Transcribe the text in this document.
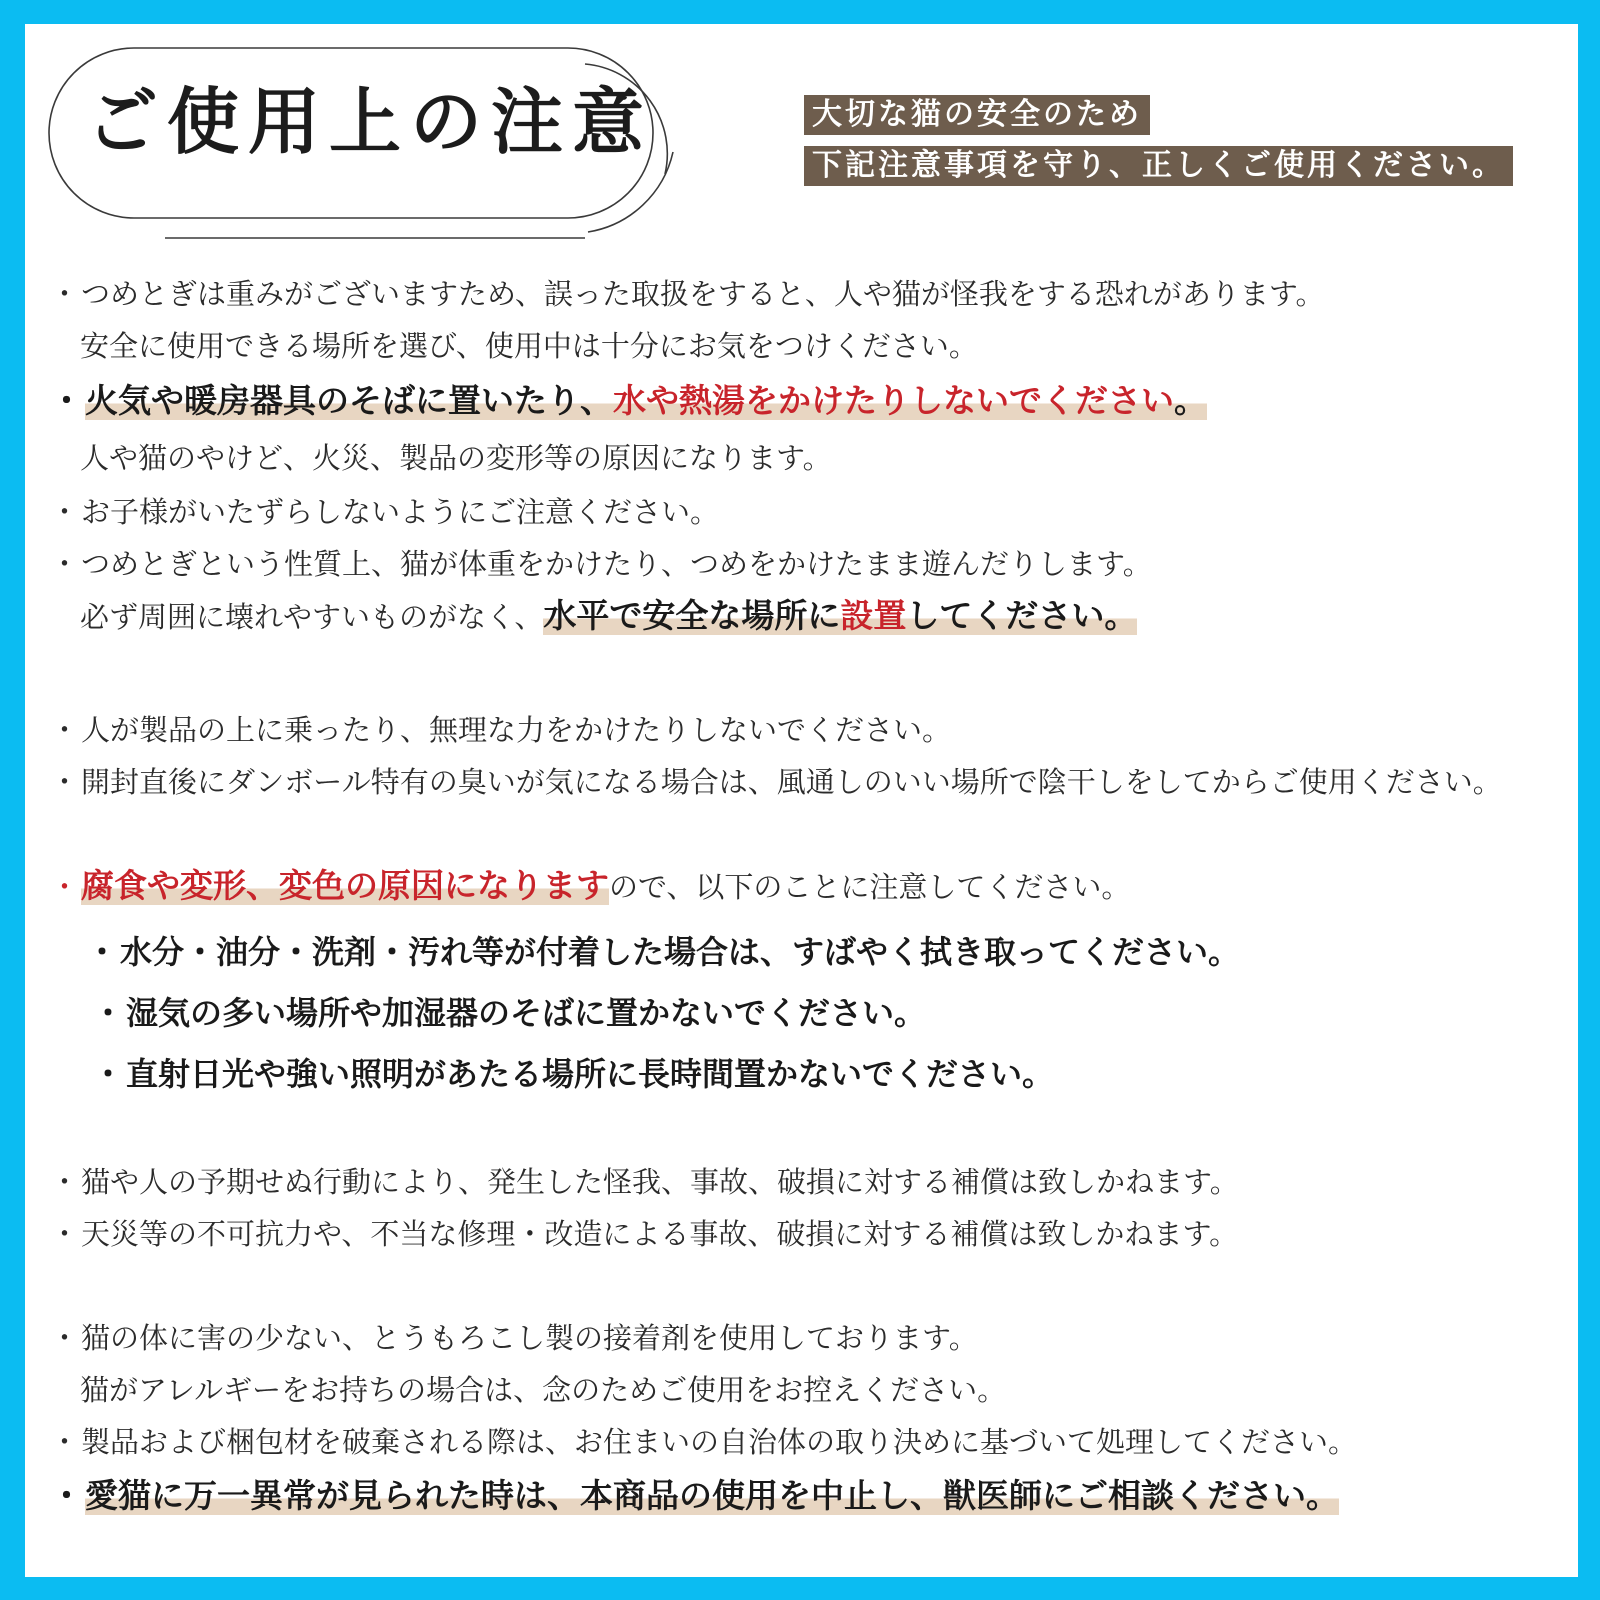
ご使用上の注意	大切な猫の安全のため
下記注意事項を守り、正しくご使用ください。
・つめとぎは重みがございますため、誤った取扱をすると、人や猫が怪我をする恐れがあります。
安全に使用できる場所を選び、使用中は十分にお気をつけください。
・火気や暖房器具のそばに置いたり、水や熱湯をかけたりしないでください。
人や猫のやけど、火災、製品の変形等の原因になります。
・お子様がいたずらしないようにご注意ください。
・つめとぎという性質上、猫が体重をかけたり、つめをかけたまま遊んだりします。
必ず周囲に壊れやすいものがなく、水平で安全な場所に設置してください。
・人が製品の上に乗ったり、無理な力をかけたりしないでください。
・開封直後にダンボール特有の臭いが気になる場合は、風通しのいい場所で陰干しをしてからご使用ください。
・腐食や変形、変色の原因になりますので、以下のことに注意してください。
・水分・油分・洗剤・汚れ等が付着した場合は、すばやく拭き取ってください。
・湿気の多い場所や加湿器のそばに置かないでください。
・直射日光や強い照明があたる場所に長時間置かないでください。
・猫や人の予期せぬ行動により、発生した怪我、事故、破損に対する補償は致しかねます。
・天災等の不可抗力や、不当な修理・改造による事故、破損に対する補償は致しかねます。
・猫の体に害の少ない、とうもろこし製の接着剤を使用しております。
猫がアレルギーをお持ちの場合は、念のためご使用をお控えください。
・製品および梱包材を破棄される際は、お住まいの自治体の取り決めに基づいて処理してください。
・愛猫に万一異常が見られた時は、本商品の使用を中止し、獣医師にご相談ください。
